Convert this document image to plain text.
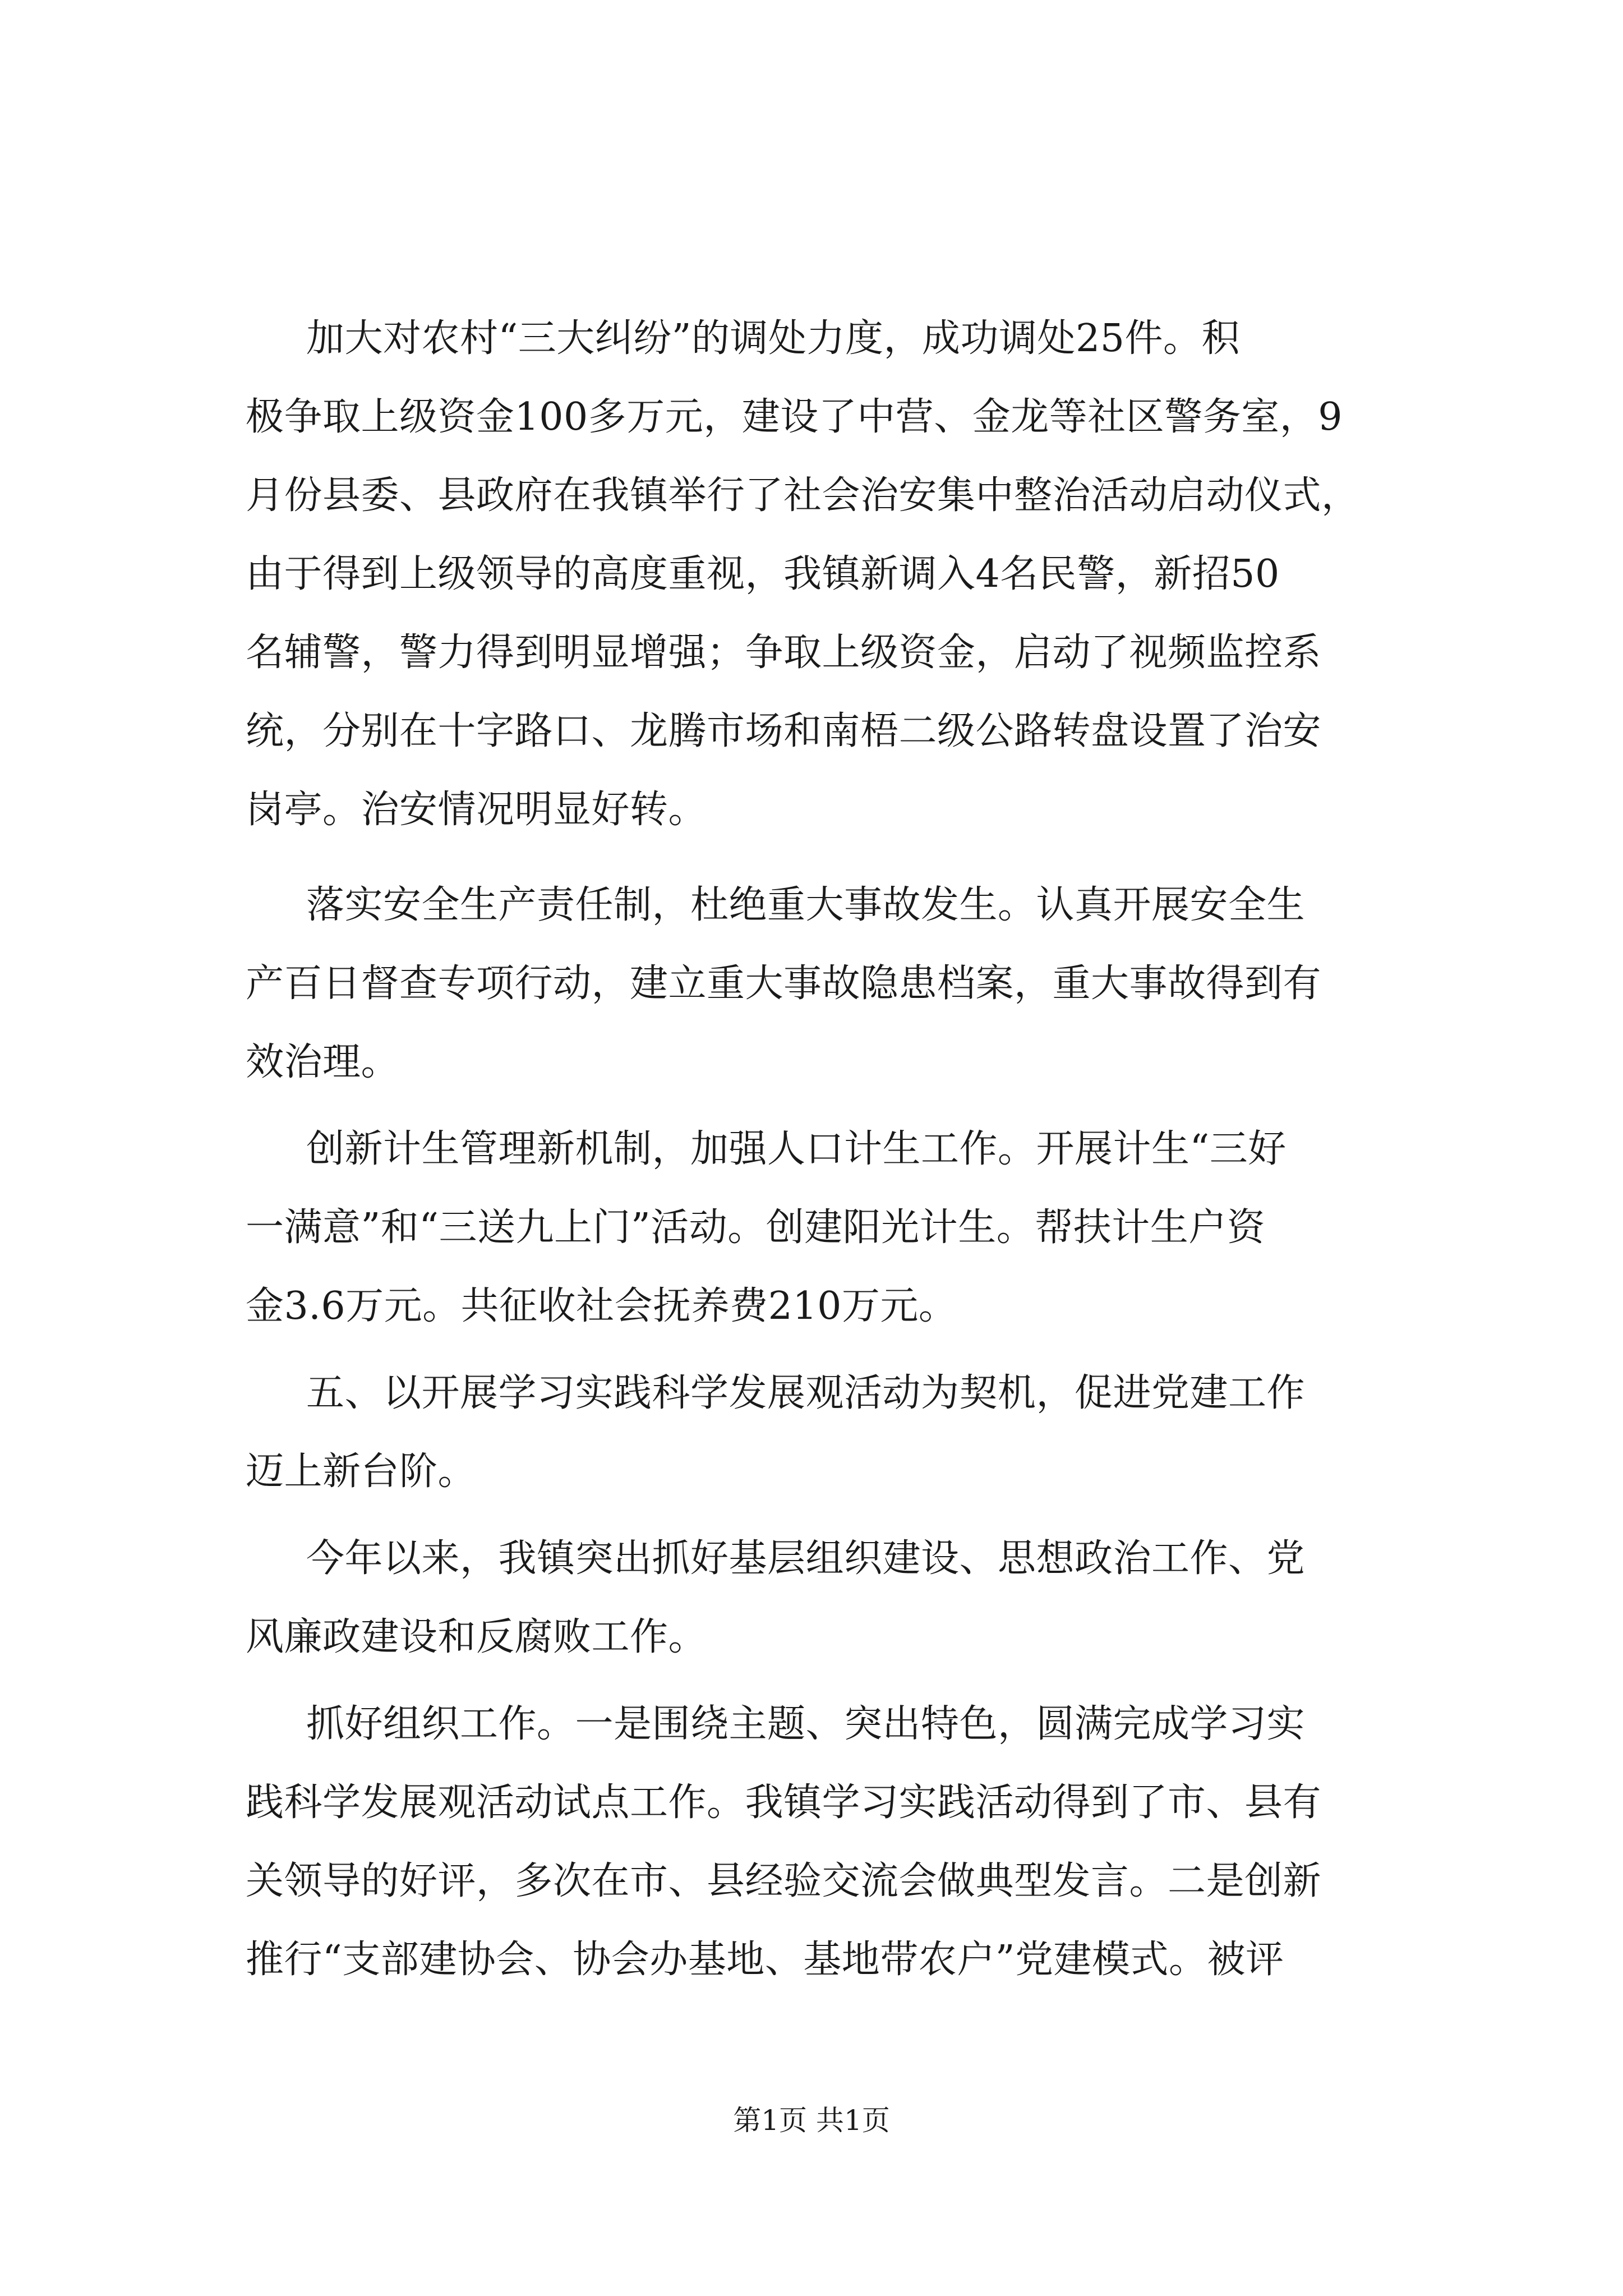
加大对农村“三大纠纷”的调处力度，成功调处25件。积
极争取上级资金100多万元，建设了中营、金龙等社区警务室，9
月份县委、县政府在我镇举行了社会治安集中整治活动启动仪式，
由于得到上级领导的高度重视，我镇新调入4名民警，新招50
名辅警，警力得到明显增强；争取上级资金，启动了视频监控系
统，分别在十字路口、龙腾市场和南梧二级公路转盘设置了治安
岗亭。治安情况明显好转。
落实安全生产责任制，杜绝重大事故发生。认真开展安全生
产百日督查专项行动，建立重大事故隐患档案，重大事故得到有
效治理。
创新计生管理新机制，加强人口计生工作。开展计生“三好
一满意”和“三送九上门”活动。创建阳光计生。帮扶计生户资
金3.6万元。共征收社会抚养费210万元。
五、以开展学习实践科学发展观活动为契机，促进党建工作
迈上新台阶。
今年以来，我镇突出抓好基层组织建设、思想政治工作、党
风廉政建设和反腐败工作。
抓好组织工作。一是围绕主题、突出特色，圆满完成学习实
践科学发展观活动试点工作。我镇学习实践活动得到了市、县有
关领导的好评，多次在市、县经验交流会做典型发言。二是创新
推行“支部建协会、协会办基地、基地带农户”党建模式。被评
第1页 共1页
